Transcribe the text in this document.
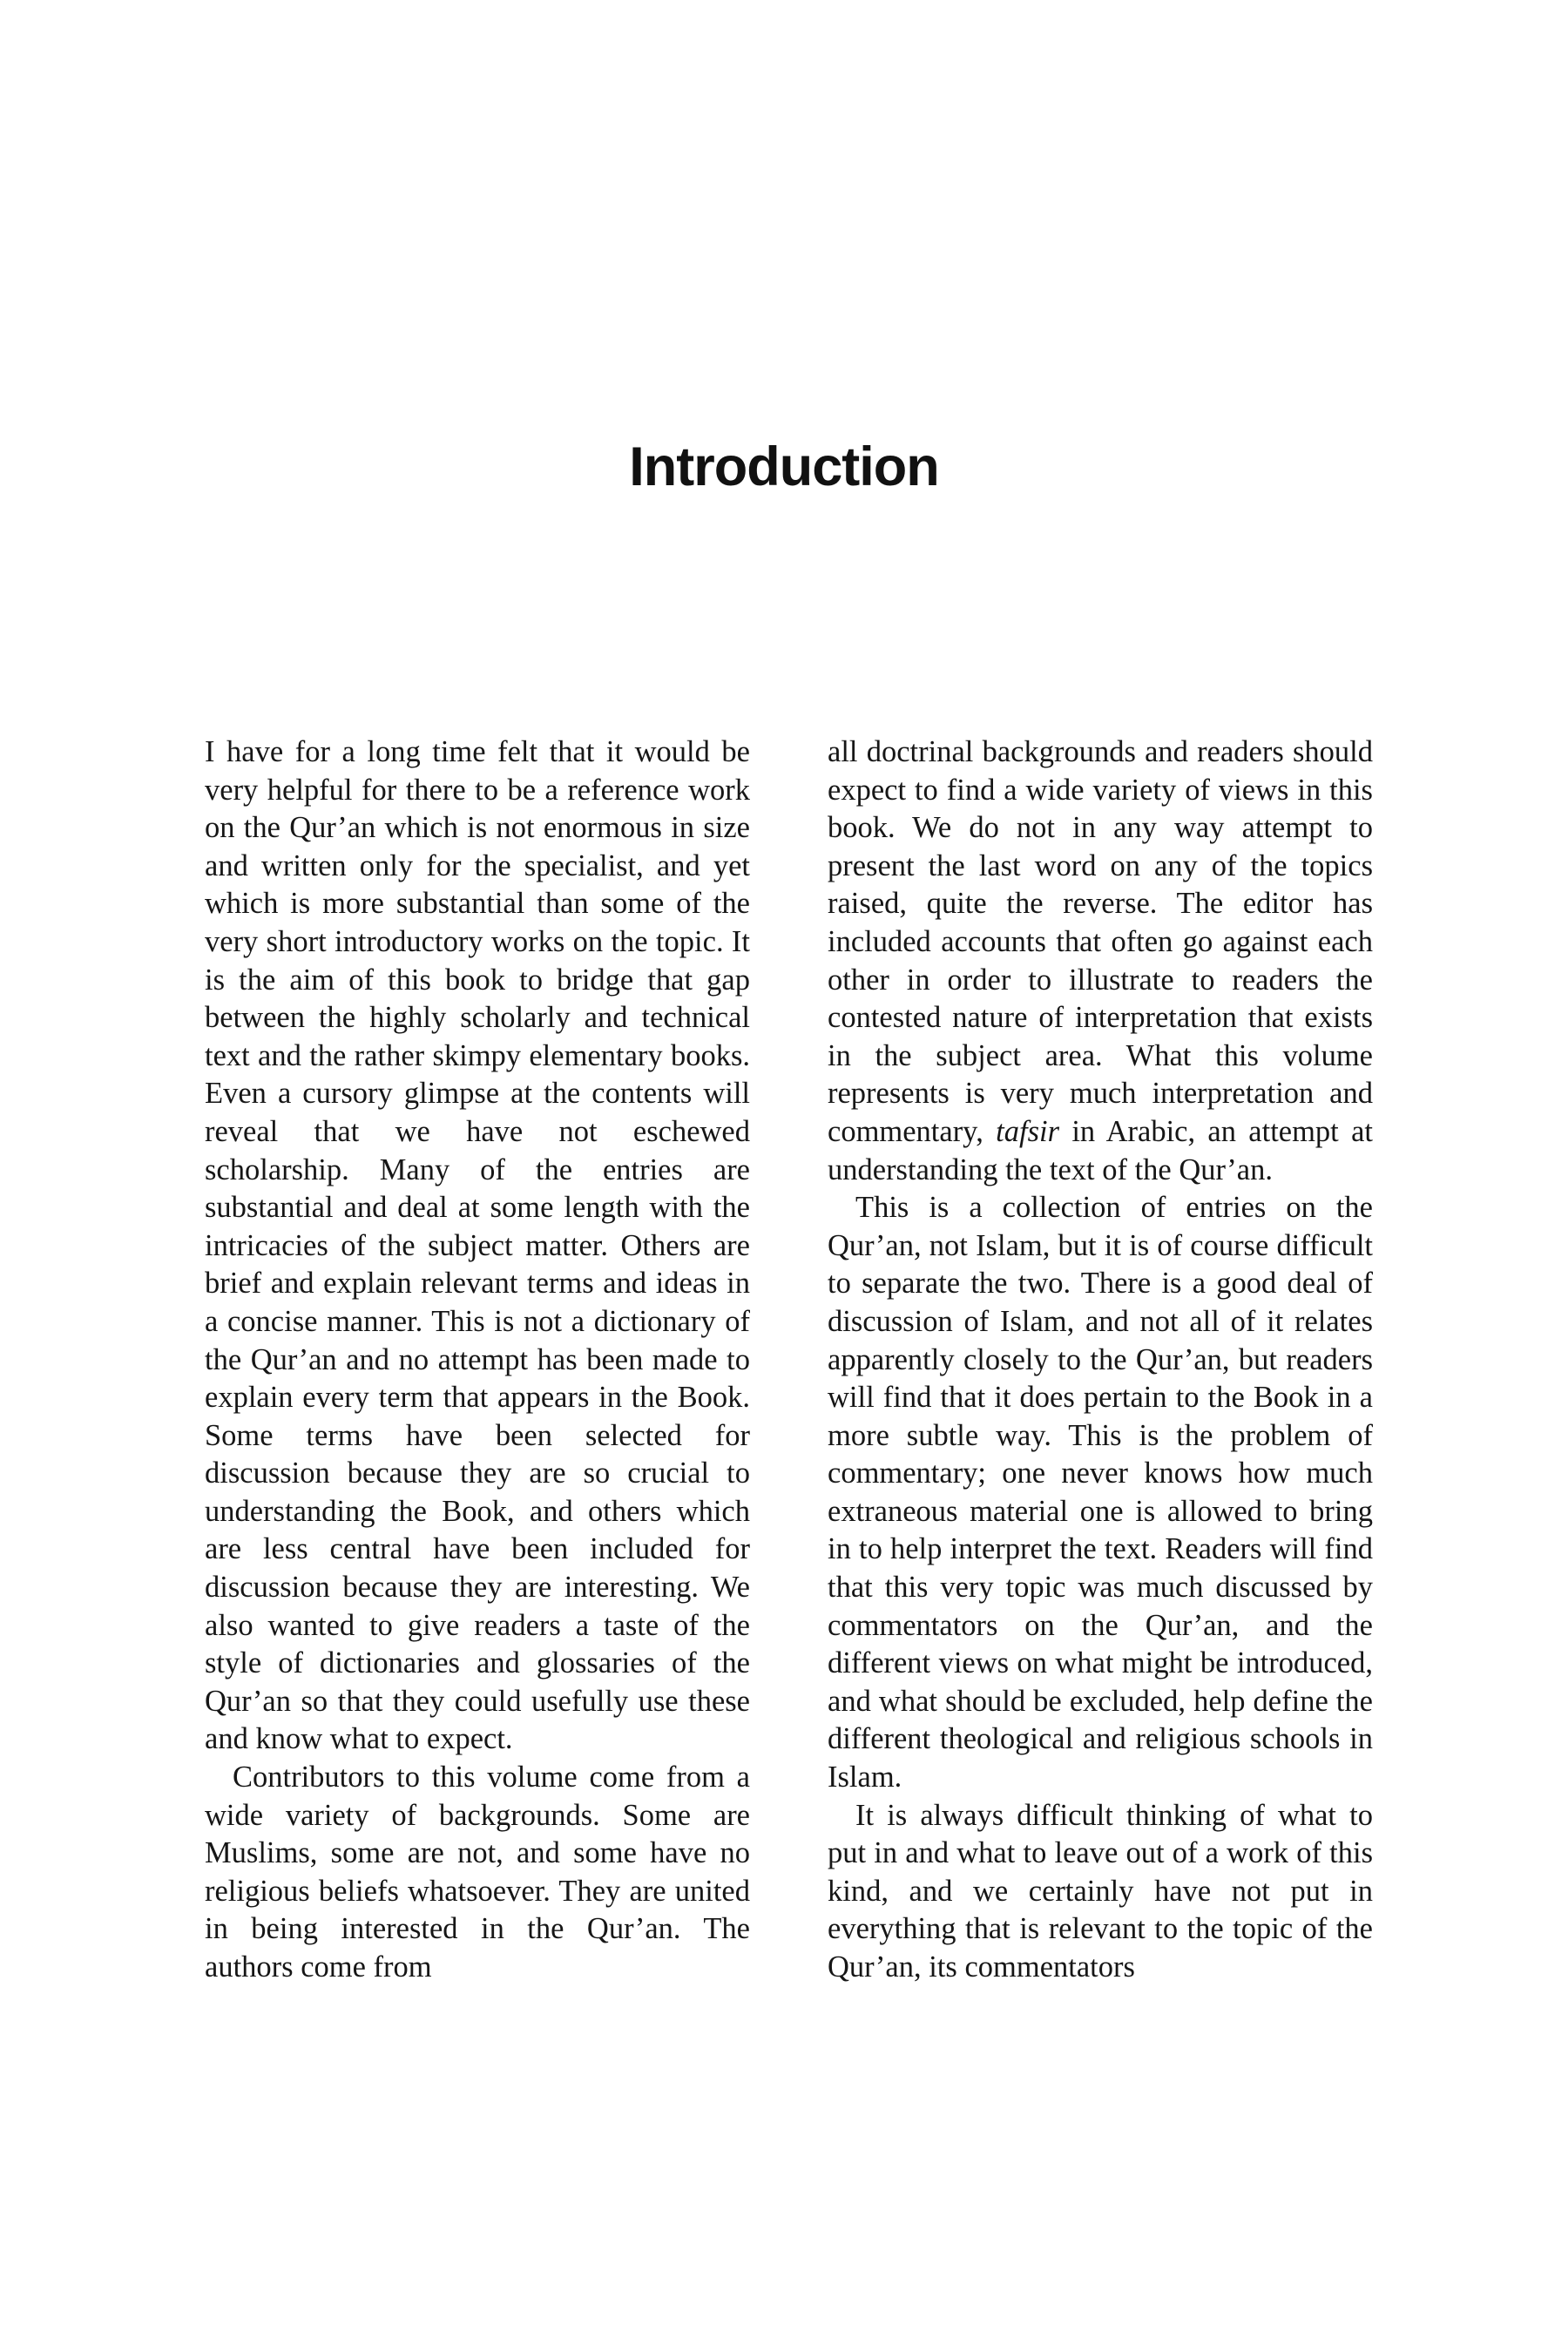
Introduction

I have for a long time felt that it would be very helpful for there to be a reference work on the Qur’an which is not enormous in size and written only for the specialist, and yet which is more substantial than some of the very short introductory works on the topic. It is the aim of this book to bridge that gap between the highly scholarly and technical text and the rather skimpy elementary books. Even a cursory glimpse at the contents will reveal that we have not eschewed scholarship. Many of the entries are substantial and deal at some length with the intricacies of the subject matter. Others are brief and explain relevant terms and ideas in a concise manner. This is not a dictionary of the Qur’an and no attempt has been made to explain every term that appears in the Book. Some terms have been selected for discussion because they are so crucial to understanding the Book, and others which are less central have been included for discussion because they are interesting. We also wanted to give readers a taste of the style of dictionaries and glossaries of the Qur’an so that they could usefully use these and know what to expect.

Contributors to this volume come from a wide variety of backgrounds. Some are Muslims, some are not, and some have no religious beliefs whatsoever. They are united in being interested in the Qur’an. The authors come from

all doctrinal backgrounds and readers should expect to find a wide variety of views in this book. We do not in any way attempt to present the last word on any of the topics raised, quite the reverse. The editor has included accounts that often go against each other in order to illustrate to readers the contested nature of interpretation that exists in the subject area. What this volume represents is very much interpretation and commentary, tafsir in Arabic, an attempt at understanding the text of the Qur’an.

This is a collection of entries on the Qur’an, not Islam, but it is of course difficult to separate the two. There is a good deal of discussion of Islam, and not all of it relates apparently closely to the Qur’an, but readers will find that it does pertain to the Book in a more subtle way. This is the problem of commentary; one never knows how much extraneous material one is allowed to bring in to help interpret the text. Readers will find that this very topic was much discussed by commentators on the Qur’an, and the different views on what might be introduced, and what should be excluded, help define the different theological and religious schools in Islam.

It is always difficult thinking of what to put in and what to leave out of a work of this kind, and we certainly have not put in everything that is relevant to the topic of the Qur’an, its commentators
